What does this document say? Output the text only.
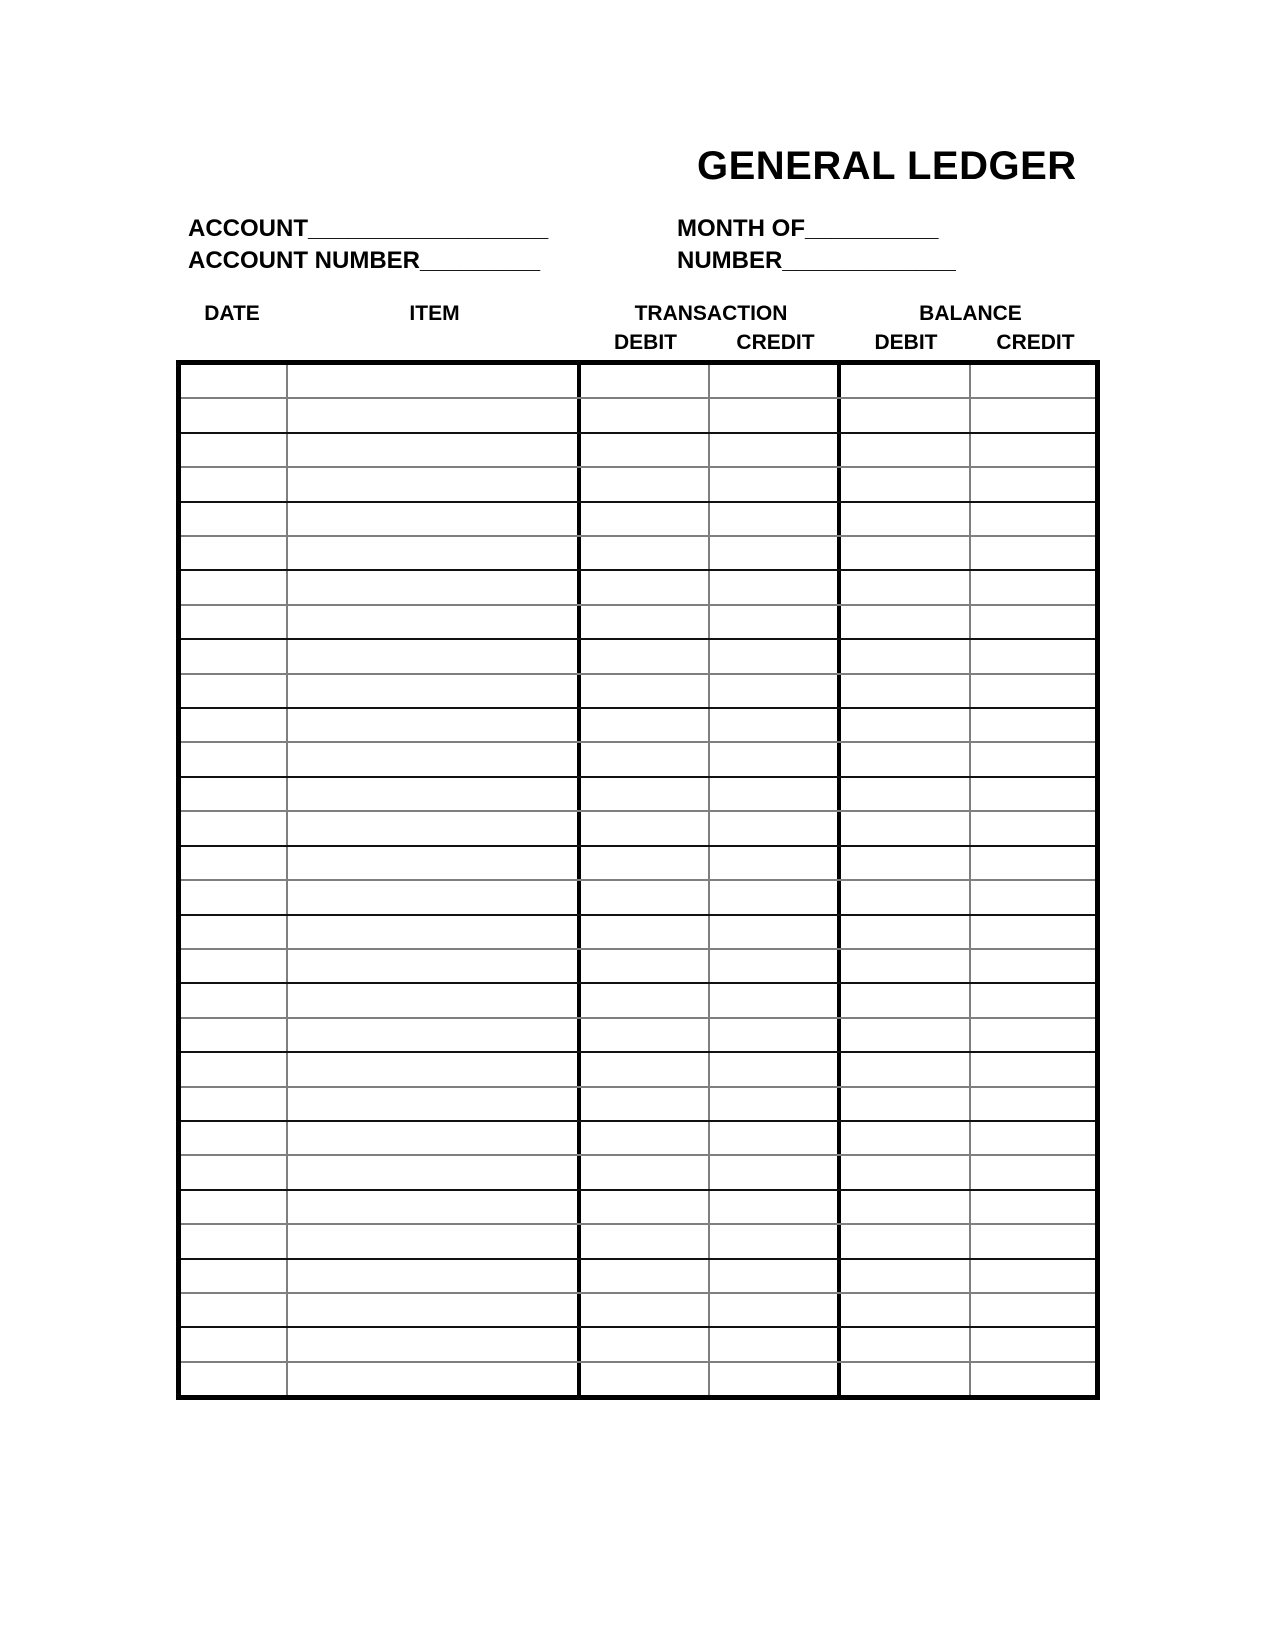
GENERAL LEDGER
ACCOUNT__________________	MONTH OF__________
ACCOUNT NUMBER_________	NUMBER_____________
DATE	ITEM	TRANSACTION	BALANCE
DEBIT	CREDIT	DEBIT	CREDIT
